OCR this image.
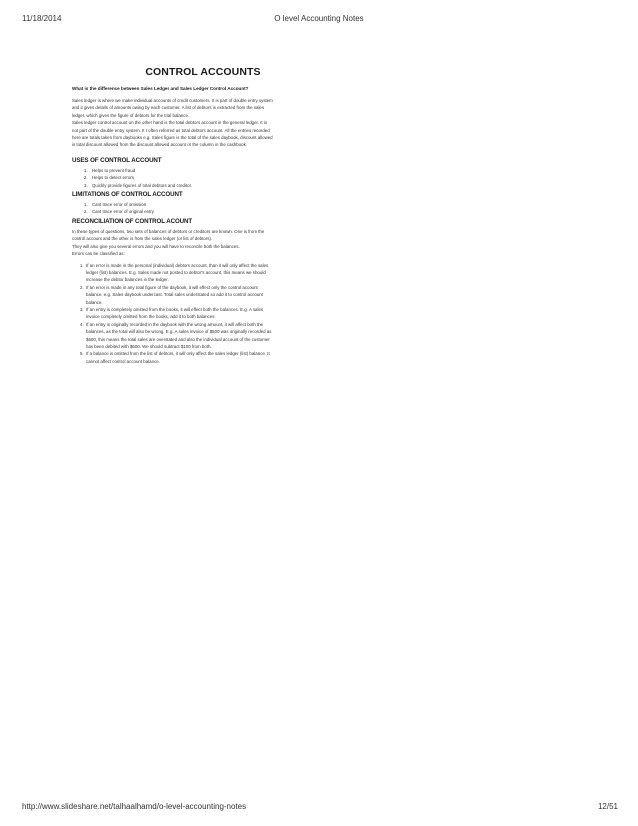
11/18/2014	O level Accounting Notes
CONTROL ACCOUNTS
What is the difference between Sales Ledger and Sales Ledger Control Account?

Sales ledger is where we make individual accounts of credit customers. It is part of double entry system

and it gives details of amounts owing by each customer. A list of debtors is extracted from the sales

ledger, which gives the figure of debtors for the trial balance.

Sales ledger control account on the other hand is the total debtors account in the general ledger. It is

not part of the double entry system. It I often referred as total debtors account. All the entries recorded

here are totals taken from daybooks e.g. Sales figure is the total of the sales daybook, discount allowed

is total discount allowed from the discount allowed account or the column in the cashbook.

USES OF CONTROL ACCOUNT
1. Helps to prevent fraud
2. Helps to detect errors
3. Quickly provide figures of total debtors and creditor.
LIMITATIONS OF CONTROL ACCOUNT
1. Cant trace error of omission
2. Cant trace error of original entry
RECONCILIATION OF CONTROL ACOUNT

In these types of questions, two sets of balances of debtors or creditors are known. One is from the

control account and the other is from the sales ledger (or list of debtors).

They will also give you several errors and you will have to reconcile both the balances.

Errors can be classified as:

1. If an error is made in the personal (individual) debtors account, than it will only affect the sales
ledger (list) balances. E.g. Sales made not posted to debtor's account, this means we should
increase the debtor balances in the ledger.
2. If an error is made in any total figure of the daybook, it will effect only the control account
balance, e.g. Sales daybook undercast. Total sales understated so add it to control account
balance.
3. If an entry is completely omitted from the books, it will effect both the balances. E.g. A sales
invoice completely omitted from the books, add it to both balances.
4. If an entry is originally recorded in the daybook with the wrong amount, it will affect both the
balances, as the total will also be wrong. E.g. A sales invoice of $500 was originally recorded as
$600, this means the total sales are overstated and also the individual account of the customer
has been debited with $600. We should subtract $100 from both.
5. If a balance is omitted from the list of debtors, it will only affect the sales ledger (list) balance. It
cannot affect control account balance.
http://www.slideshare.net/talhaalhamd/o-level-accounting-notes	12/51
